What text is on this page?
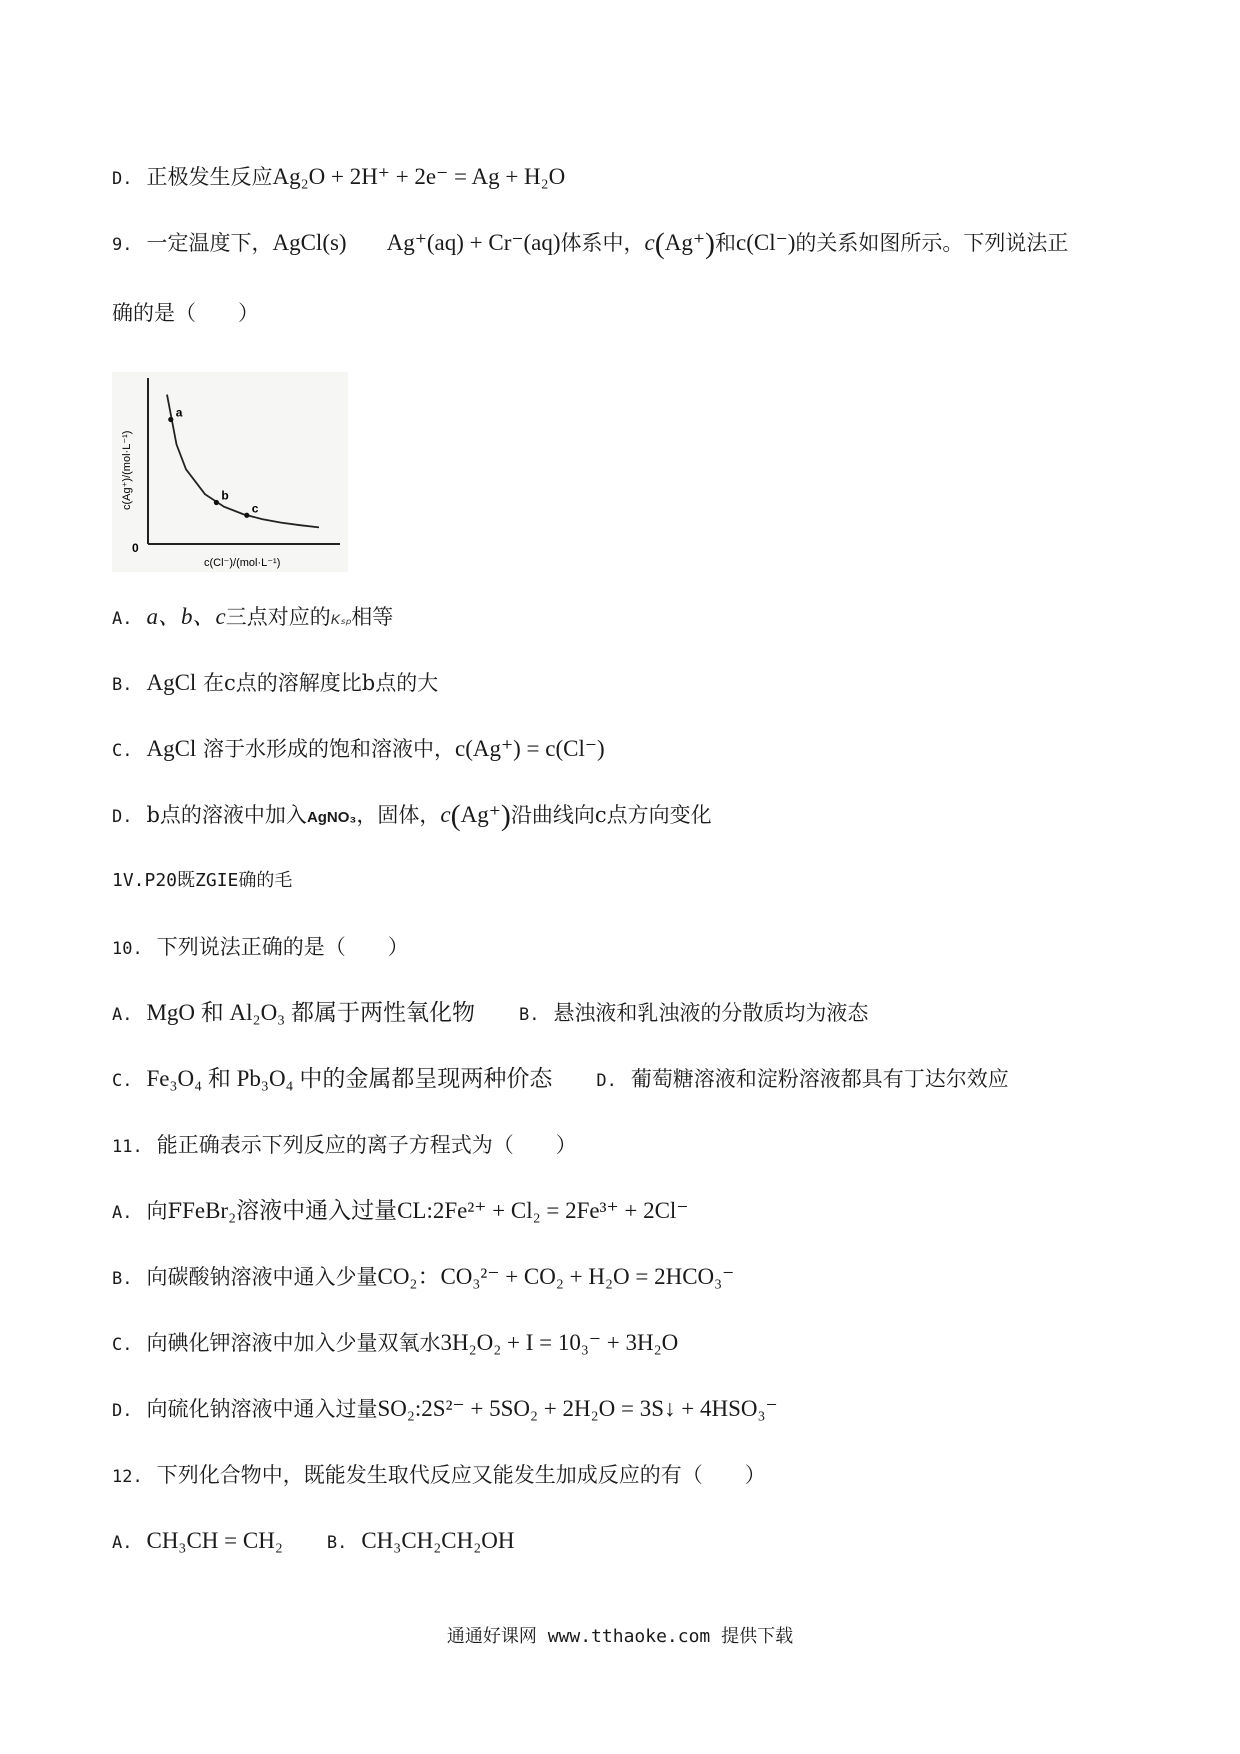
D. 正极发生反应Ag₂O + 2H⁺ + 2e⁻ = Ag + H₂O
9. 一定温度下，AgCl(s) Ag⁺(aq) + Cr⁻(aq)体系中，c(Ag⁺)和c(Cl⁻)的关系如图所示。下列说法正
确的是（　　）
a
b
c
0
c(Cl⁻)/(mol·L⁻¹)
c(Ag⁺)/(mol·L⁻¹)
A. a、b、c三点对应的Kₛₚ相等
B. AgCl 在c点的溶解度比b点的大
C. AgCl 溶于水形成的饱和溶液中，c(Ag⁺) = c(Cl⁻)
D. b点的溶液中加入AgNO₃，固体，c(Ag⁺)沿曲线向c点方向变化
1V.P20既ZGIE确的毛
10. 下列说法正确的是（　　）
A. MgO 和 Al₂O₃ 都属于两性氧化物	B. 悬浊液和乳浊液的分散质均为液态
C. Fe₃O₄ 和 Pb₃O₄ 中的金属都呈现两种价态	D. 葡萄糖溶液和淀粉溶液都具有丁达尔效应
11. 能正确表示下列反应的离子方程式为（　　）
A. 向FFeBr₂溶液中通入过量CL:2Fe²⁺ + Cl₂ = 2Fe³⁺ + 2Cl⁻
B. 向碳酸钠溶液中通入少量CO₂：CO₃²⁻ + CO₂ + H₂O = 2HCO₃⁻
C. 向碘化钾溶液中加入少量双氧水3H₂O₂ + I = 10₃⁻ + 3H₂O
D. 向硫化钠溶液中通入过量SO₂:2S²⁻ + 5SO₂ + 2H₂O = 3S↓ + 4HSO₃⁻
12. 下列化合物中，既能发生取代反应又能发生加成反应的有（　　）
A. CH₃CH = CH₂	B. CH₃CH₂CH₂OH
通通好课网 www.tthaoke.com 提供下载
